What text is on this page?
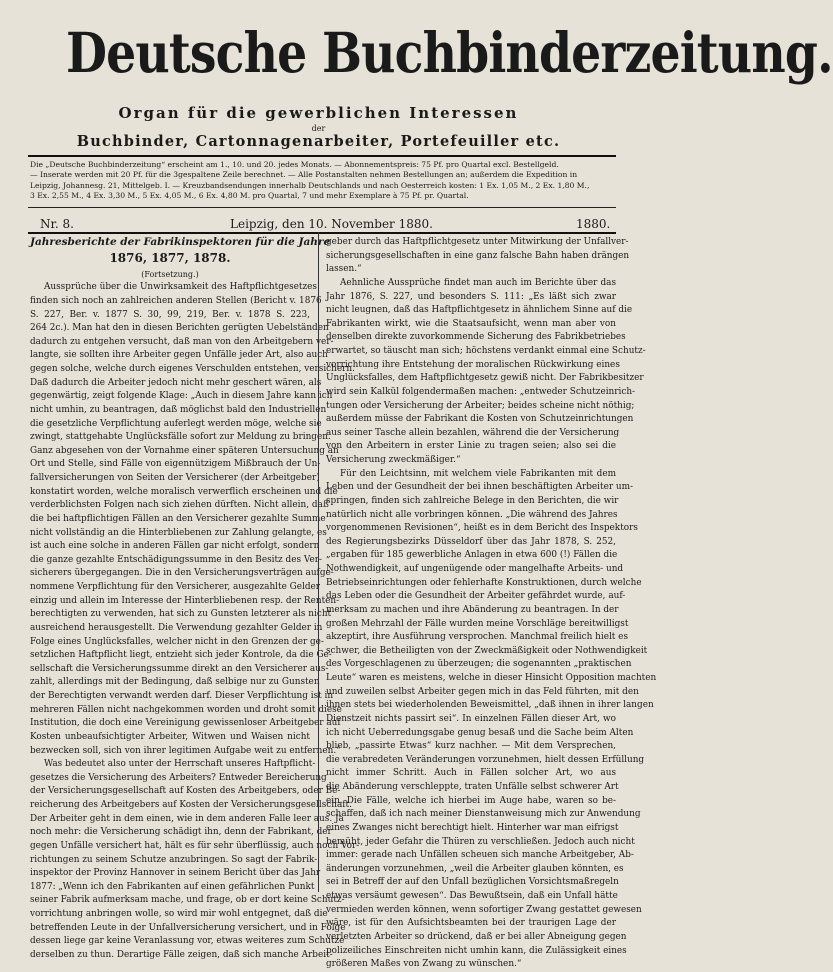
Deutsche Buchbinderzeitung.
Organ für die gewerblichen Interessen
der
Buchbinder, Cartonnagenarbeiter, Portefeuiller etc.
Die „Deutsche Buchbinderzeitung“ erscheint am 1., 10. und 20. jedes Monats. — Abonnementspreis: 75 Pf. pro Quartal excl. Bestellgeld.
— Inserate werden mit 20 Pf. für die 3gespaltene Zeile berechnet. — Alle Postanstalten nehmen Bestellungen an; außerdem die Expedition in
Leipzig, Johannesg. 21, Mittelgeb. I. — Kreuzbandsendungen innerhalb Deutschlands und nach Oesterreich kosten: 1 Ex. 1,05 M., 2 Ex. 1,80 M.,
3 Ex. 2,55 M., 4 Ex. 3,30 M., 5 Ex. 4,05 M., 6 Ex. 4,80 M. pro Quartal, 7 und mehr Exemplare à 75 Pf. pr. Quartal.
Nr. 8.	Leipzig, den 10. November 1880.	1880.

Jahresberichte der Fabrikinspektoren für die Jahre

1876, 1877, 1878.

(Fortsetzung.)

Aussprüche über die Unwirksamkeit des Haftpflichtgesetzes

finden sich noch an zahlreichen anderen Stellen (Bericht v. 1876

S. 227, Ber. v. 1877 S. 30, 99, 219, Ber. v. 1878 S. 223,

264 2c.). Man hat den in diesen Berichten gerügten Uebelständen

dadurch zu entgehen versucht, daß man von den Arbeitgebern ver-

langte, sie sollten ihre Arbeiter gegen Unfälle jeder Art, also auch

gegen solche, welche durch eigenes Verschulden entstehen, versichern.

Daß dadurch die Arbeiter jedoch nicht mehr geschert wären, als

gegenwärtig, zeigt folgende Klage: „Auch in diesem Jahre kann ich

nicht umhin, zu beantragen, daß möglichst bald den Industriellen

die gesetzliche Verpflichtung auferlegt werden möge, welche sie

zwingt, stattgehabte Unglücksfälle sofort zur Meldung zu bringen.

Ganz abgesehen von der Vornahme einer späteren Untersuchung an

Ort und Stelle, sind Fälle von eigennützigem Mißbrauch der Un-

fallversicherungen von Seiten der Versicherer (der Arbeitgeber)

konstatirt worden, welche moralisch verwerflich erscheinen und die

verderblichsten Folgen nach sich ziehen dürften. Nicht allein, daß

die bei haftpflichtigen Fällen an den Versicherer gezahlte Summe

nicht vollständig an die Hinterbliebenen zur Zahlung gelangte, es

ist auch eine solche in anderen Fällen gar nicht erfolgt, sondern

die ganze gezahlte Entschädigungssumme in den Besitz des Ver-

sicherers übergegangen. Die in den Versicherungsverträgen aufge-

nommene Verpflichtung für den Versicherer, ausgezahlte Gelder

einzig und allein im Interesse der Hinterbliebenen resp. der Renten-

berechtigten zu verwenden, hat sich zu Gunsten letzterer als nicht

ausreichend herausgestellt. Die Verwendung gezahlter Gelder in

Folge eines Unglücksfalles, welcher nicht in den Grenzen der ge-

setzlichen Haftpflicht liegt, entzieht sich jeder Kontrole, da die Ge-

sellschaft die Versicherungssumme direkt an den Versicherer aus-

zahlt, allerdings mit der Bedingung, daß selbige nur zu Gunsten

der Berechtigten verwandt werden darf. Dieser Verpflichtung ist in

mehreren Fällen nicht nachgekommen worden und droht somit diese

Institution, die doch eine Vereinigung gewissenloser Arbeitgeber auf

Kosten unbeaufsichtigter Arbeiter, Witwen und Waisen nicht

bezwecken soll, sich von ihrer legitimen Aufgabe weit zu entfernen.“

Was bedeutet also unter der Herrschaft unseres Haftpflicht-

gesetzes die Versicherung des Arbeiters? Entweder Bereicherung

der Versicherungsgesellschaft auf Kosten des Arbeitgebers, oder Be-

reicherung des Arbeitgebers auf Kosten der Versicherungsgesellschaft.

Der Arbeiter geht in dem einen, wie in dem anderen Falle leer aus. Ja

noch mehr: die Versicherung schädigt ihn, denn der Fabrikant, der

gegen Unfälle versichert hat, hält es für sehr überflüssig, auch noch Vor-

richtungen zu seinem Schutze anzubringen. So sagt der Fabrik-

inspektor der Provinz Hannover in seinem Bericht über das Jahr

1877: „Wenn ich den Fabrikanten auf einen gefährlichen Punkt

seiner Fabrik aufmerksam mache, und frage, ob er dort keine Schutz-

vorrichtung anbringen wolle, so wird mir wohl entgegnet, daß die

betreffenden Leute in der Unfallversicherung versichert, und in Folge

dessen liege gar keine Veranlassung vor, etwas weiteres zum Schutze

derselben zu thun. Derartige Fälle zeigen, daß sich manche Arbeit-

geber durch das Haftpflichtgesetz unter Mitwirkung der Unfallver-

sicherungsgesellschaften in eine ganz falsche Bahn haben drängen

lassen.“

Aehnliche Aussprüche findet man auch im Berichte über das

Jahr 1876, S. 227, und besonders S. 111: „Es läßt sich zwar

nicht leugnen, daß das Haftpflichtgesetz in ähnlichem Sinne auf die

Fabrikanten wirkt, wie die Staatsaufsicht, wenn man aber von

denselben direkte zuvorkommende Sicherung des Fabrikbetriebes

erwartet, so täuscht man sich; höchstens verdankt einmal eine Schutz-

vorrichtung ihre Entstehung der moralischen Rückwirkung eines

Unglücksfalles, dem Haftpflichtgesetz gewiß nicht. Der Fabrikbesitzer

wird sein Kalkül folgendermaßen machen: „entweder Schutzeinrich-

tungen oder Versicherung der Arbeiter; beides scheine nicht nöthig;

außerdem müsse der Fabrikant die Kosten von Schutzeinrichtungen

aus seiner Tasche allein bezahlen, während die der Versicherung

von den Arbeitern in erster Linie zu tragen seien; also sei die

Versicherung zweckmäßiger.“

Für den Leichtsinn, mit welchem viele Fabrikanten mit dem

Leben und der Gesundheit der bei ihnen beschäftigten Arbeiter um-

springen, finden sich zahlreiche Belege in den Berichten, die wir

natürlich nicht alle vorbringen können. „Die während des Jahres

vorgenommenen Revisionen“, heißt es in dem Bericht des Inspektors

des Regierungsbezirks Düsseldorf über das Jahr 1878, S. 252,

„ergaben für 185 gewerbliche Anlagen in etwa 600 (!) Fällen die

Nothwendigkeit, auf ungenügende oder mangelhafte Arbeits- und

Betriebseinrichtungen oder fehlerhafte Konstruktionen, durch welche

das Leben oder die Gesundheit der Arbeiter gefährdet wurde, auf-

merksam zu machen und ihre Abänderung zu beantragen. In der

großen Mehrzahl der Fälle wurden meine Vorschläge bereitwilligst

akzeptirt, ihre Ausführung versprochen. Manchmal freilich hielt es

schwer, die Betheiligten von der Zweckmäßigkeit oder Nothwendigkeit

des Vorgeschlagenen zu überzeugen; die sogenannten „praktischen

Leute“ waren es meistens, welche in dieser Hinsicht Opposition machten

und zuweilen selbst Arbeiter gegen mich in das Feld führten, mit den

ihnen stets bei wiederholenden Beweismittel, „daß ihnen in ihrer langen

Dienstzeit nichts passirt sei“. In einzelnen Fällen dieser Art, wo

ich nicht Ueberredungsgabe genug besaß und die Sache beim Alten

blieb, „passirte Etwas“ kurz nachher. — Mit dem Versprechen,

die verabredeten Veränderungen vorzunehmen, hielt dessen Erfüllung

nicht immer Schritt. Auch in Fällen solcher Art, wo aus

die Abänderung verschleppte, traten Unfälle selbst schwerer Art

ein. Die Fälle, welche ich hierbei im Auge habe, waren so be-

schaffen, daß ich nach meiner Dienstanweisung mich zur Anwendung

eines Zwanges nicht berechtigt hielt. Hinterher war man eifrigst

bemüht, jeder Gefahr die Thüren zu verschließen. Jedoch auch nicht

immer: gerade nach Unfällen scheuen sich manche Arbeitgeber, Ab-

änderungen vorzunehmen, „weil die Arbeiter glauben könnten, es

sei in Betreff der auf den Unfall bezüglichen Vorsichtsmaßregeln

etwas versäumt gewesen“. Das Bewußtsein, daß ein Unfall hätte

vermieden werden können, wenn sofortiger Zwang gestattet gewesen

wäre, ist für den Aufsichtsbeamten bei der traurigen Lage der

verletzten Arbeiter so drückend, daß er bei aller Abneigung gegen

polizeiliches Einschreiten nicht umhin kann, die Zulässigkeit eines

größeren Maßes von Zwang zu wünschen.“
